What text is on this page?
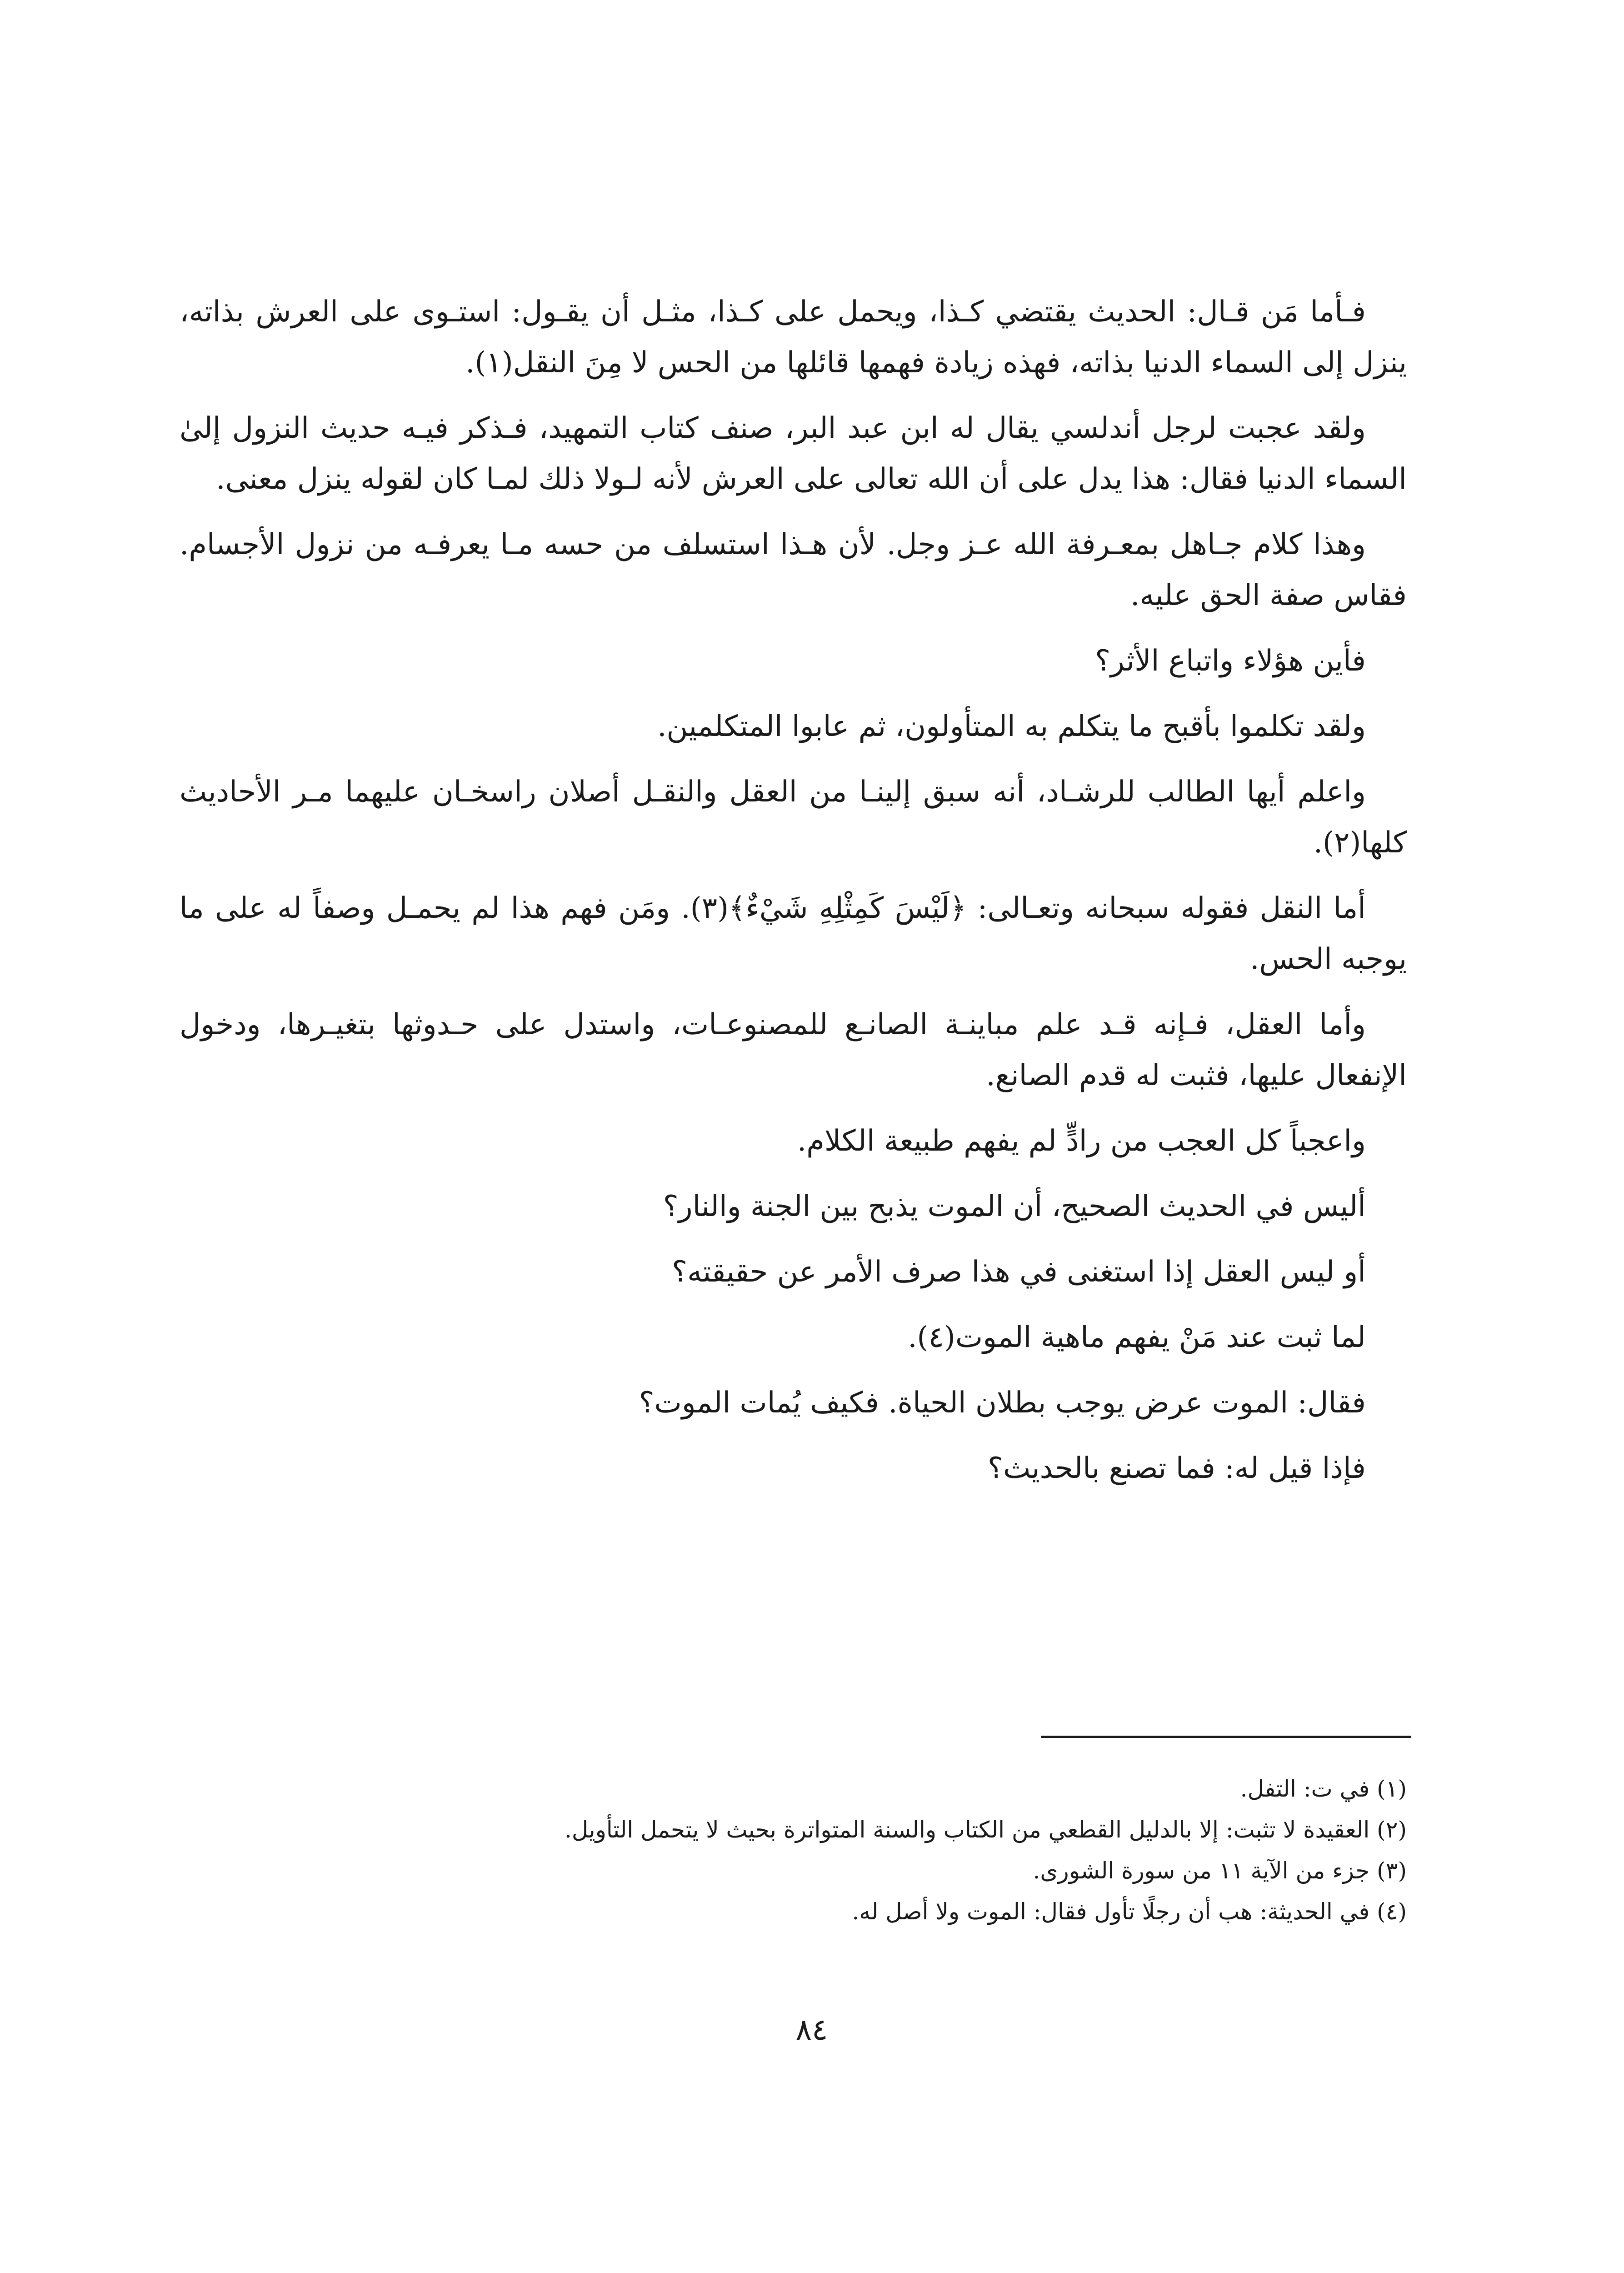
فـأما مَن قـال: الحديث يقتضي كـذا، ويحمل على كـذا، مثـل أن يقـول: استـوى على العرش بذاته، ينزل إلى السماء الدنيا بذاته، فهذه زيادة فهمها قائلها من الحس لا مِنَ النقل(١).

ولقد عجبت لرجل أندلسي يقال له ابن عبد البر، صنف كتاب التمهيد، فـذكر فيـه حديث النزول إلىٰ السماء الدنيا فقال: هذا يدل على أن الله تعالى على العرش لأنه لـولا ذلك لمـا كان لقوله ينزل معنى.

وهذا كلام جـاهل بمعـرفة الله عـز وجل. لأن هـذا استسلف من حسه مـا يعرفـه من نزول الأجسام. فقاس صفة الحق عليه.

فأين هؤلاء واتباع الأثر؟

ولقد تكلموا بأقبح ما يتكلم به المتأولون، ثم عابوا المتكلمين.

واعلم أيها الطالب للرشـاد، أنه سبق إلينـا من العقل والنقـل أصلان راسخـان عليهما مـر الأحاديث كلها(٢).

أما النقل فقوله سبحانه وتعـالى: ﴿لَيْسَ كَمِثْلِهِ شَيْءٌ﴾(٣). ومَن فهم هذا لم يحمـل وصفاً له على ما يوجبه الحس.

وأما العقل، فـإنه قـد علم مباينـة الصانـع للمصنوعـات، واستدل على حـدوثها بتغيـرها، ودخول الإنفعال عليها، فثبت له قدم الصانع.

واعجباً كل العجب من رادٍّ لم يفهم طبيعة الكلام.

أليس في الحديث الصحيح، أن الموت يذبح بين الجنة والنار؟

أو ليس العقل إذا استغنى في هذا صرف الأمر عن حقيقته؟

لما ثبت عند مَنْ يفهم ماهية الموت(٤).

فقال: الموت عرض يوجب بطلان الحياة. فكيف يُمات الموت؟

فإذا قيل له: فما تصنع بالحديث؟

(١) في ت: التفل.

(٢) العقيدة لا تثبت: إلا بالدليل القطعي من الكتاب والسنة المتواترة بحيث لا يتحمل التأويل.

(٣) جزء من الآية ١١ من سورة الشورى.

(٤) في الحديثة: هب أن رجلًا تأول فقال: الموت ولا أصل له.

٨٤
